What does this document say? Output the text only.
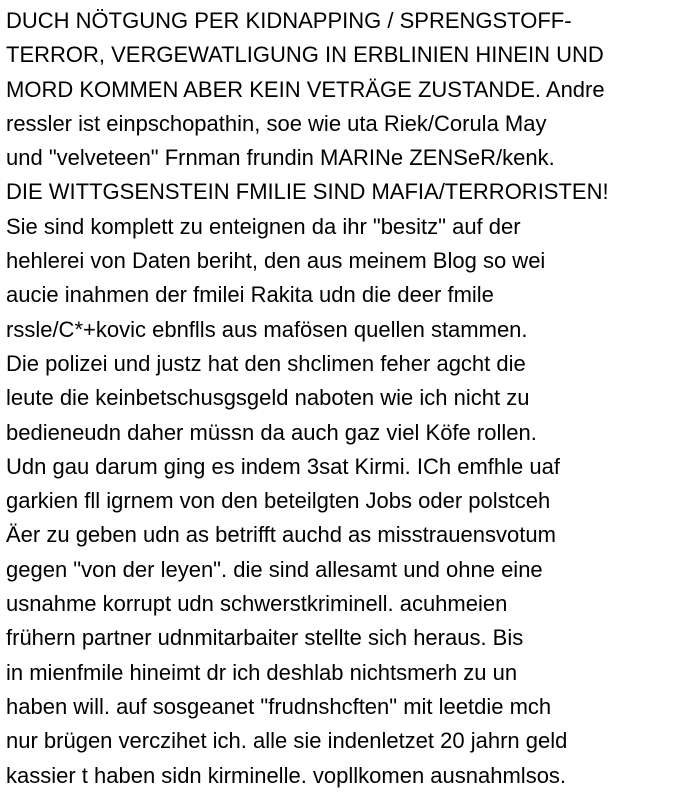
DUCH NÖTGUNG PER KIDNAPPING / SPRENGSTOFF-
TERROR, VERGEWATLIGUNG IN ERBLINIEN HINEIN UND
MORD KOMMEN ABER KEIN VETRÄGE ZUSTANDE. Andre
ressler ist einpschopathin, soe wie uta Riek/Corula May
und "velveteen" Frnman frundin MARINe ZENSeR/kenk.
DIE WITTGSENSTEIN FMILIE SIND MAFIA/TERRORISTEN!
Sie sind komplett zu enteignen da ihr "besitz" auf der
hehlerei von Daten beriht, den aus meinem Blog so wei
aucie inahmen der fmilei Rakita udn die deer fmile
rssle/C*+kovic ebnflls aus mafösen quellen stammen.
Die polizei und justz hat den shclimen feher agcht die
leute die keinbetschusgsgeld naboten wie ich nicht zu
bedieneudn daher müssn da auch gaz viel Köfe rollen.
Udn gau darum ging es indem 3sat Kirmi. ICh emfhle uaf
garkien fll igrnem von den beteilgten Jobs oder polstceh
Äer zu geben udn as betrifft auchd as misstrauensvotum
gegen "von der leyen". die sind allesamt und ohne eine
usnahme korrupt udn schwerstkriminell. acuhmeien
frühern partner udnmitarbaiter stellte sich heraus. Bis
in mienfmile hineimt dr ich deshlab nichtsmerh zu un
haben will. auf sosgeanet "frudnshcften" mit leetdie mch
nur brügen verczihet ich. alle sie indenletzet 20 jahrn geld
kassier t haben sidn kirminelle. vopllkomen ausnahmlsos.
